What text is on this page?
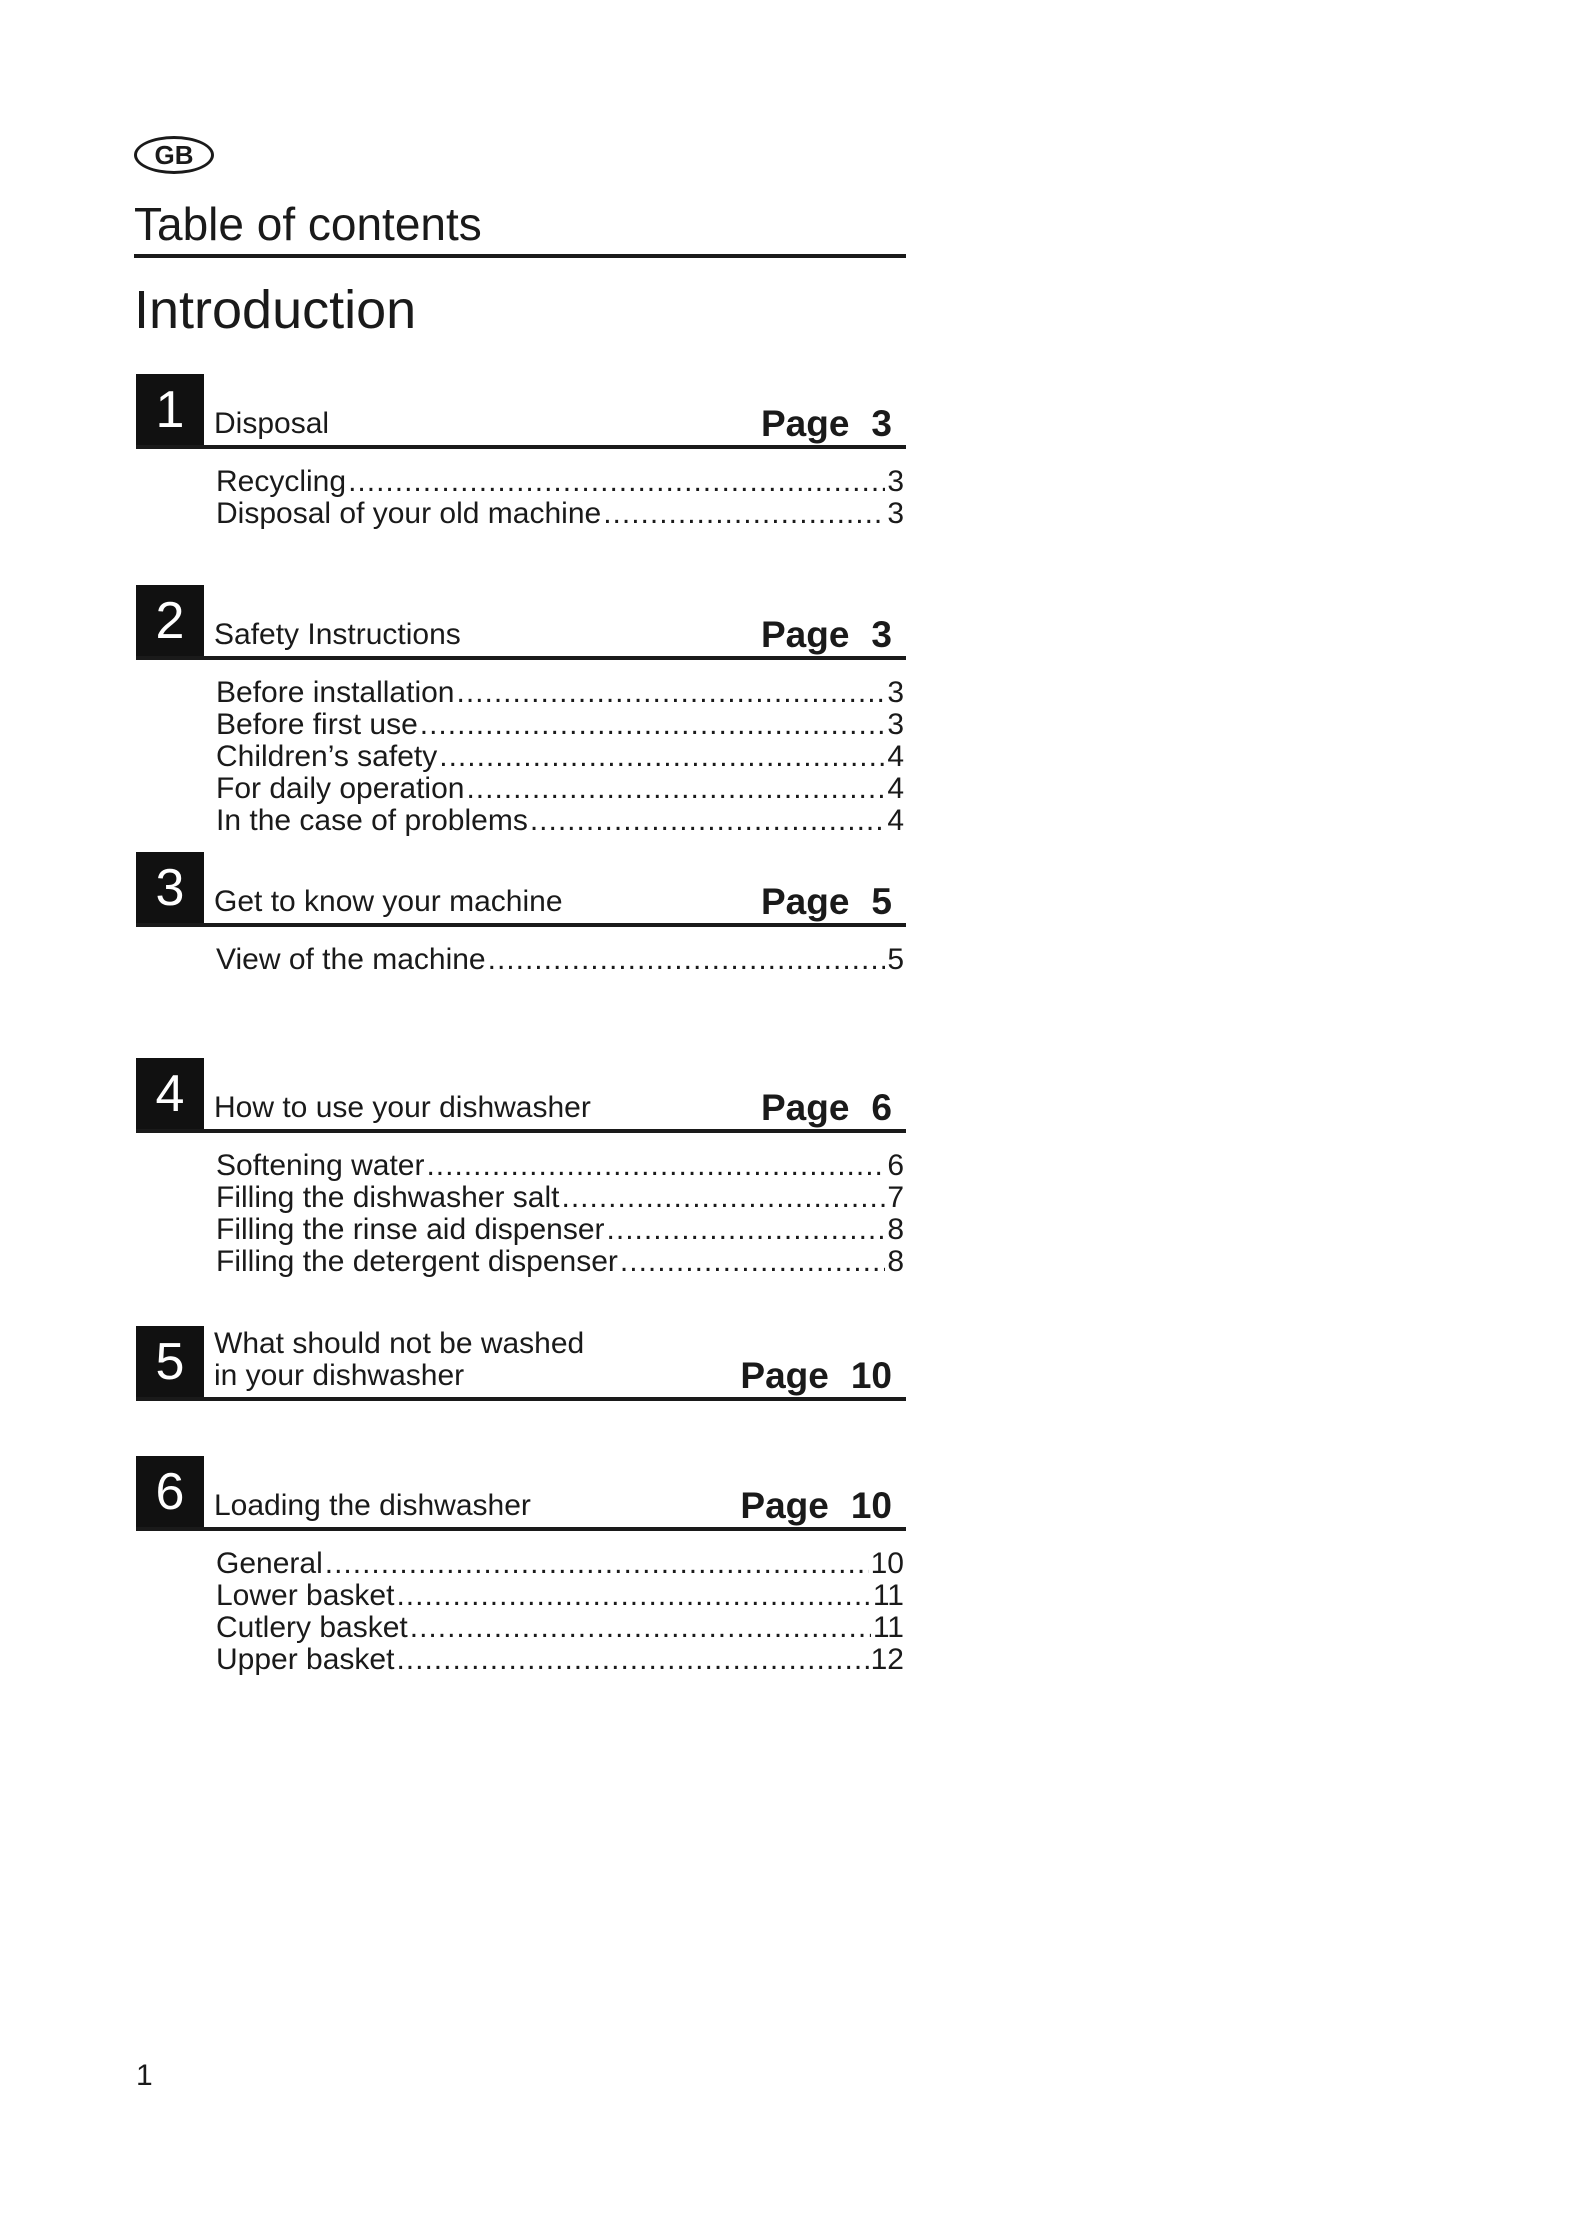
GB
Table of contents
Introduction
1 Disposal	Page 3
Recycling .....	3
Disposal of your old machine .....	3
2 Safety Instructions	Page 3
Before installation .....	3
Before first use .....	3
Children’s safety .....	4
For daily operation .....	4
In the case of problems .....	4
3 Get to know your machine	Page 5
View of the machine .....	5
4 How to use your dishwasher	Page 6
Softening water .....	6
Filling the dishwasher salt .....	7
Filling the rinse aid dispenser .....	8
Filling the detergent dispenser .....	8
5 What should not be washed
in your dishwasher	Page 10
6 Loading the dishwasher	Page 10
General .....	10
Lower basket .....	11
Cutlery basket .....	11
Upper basket .....	12
1
